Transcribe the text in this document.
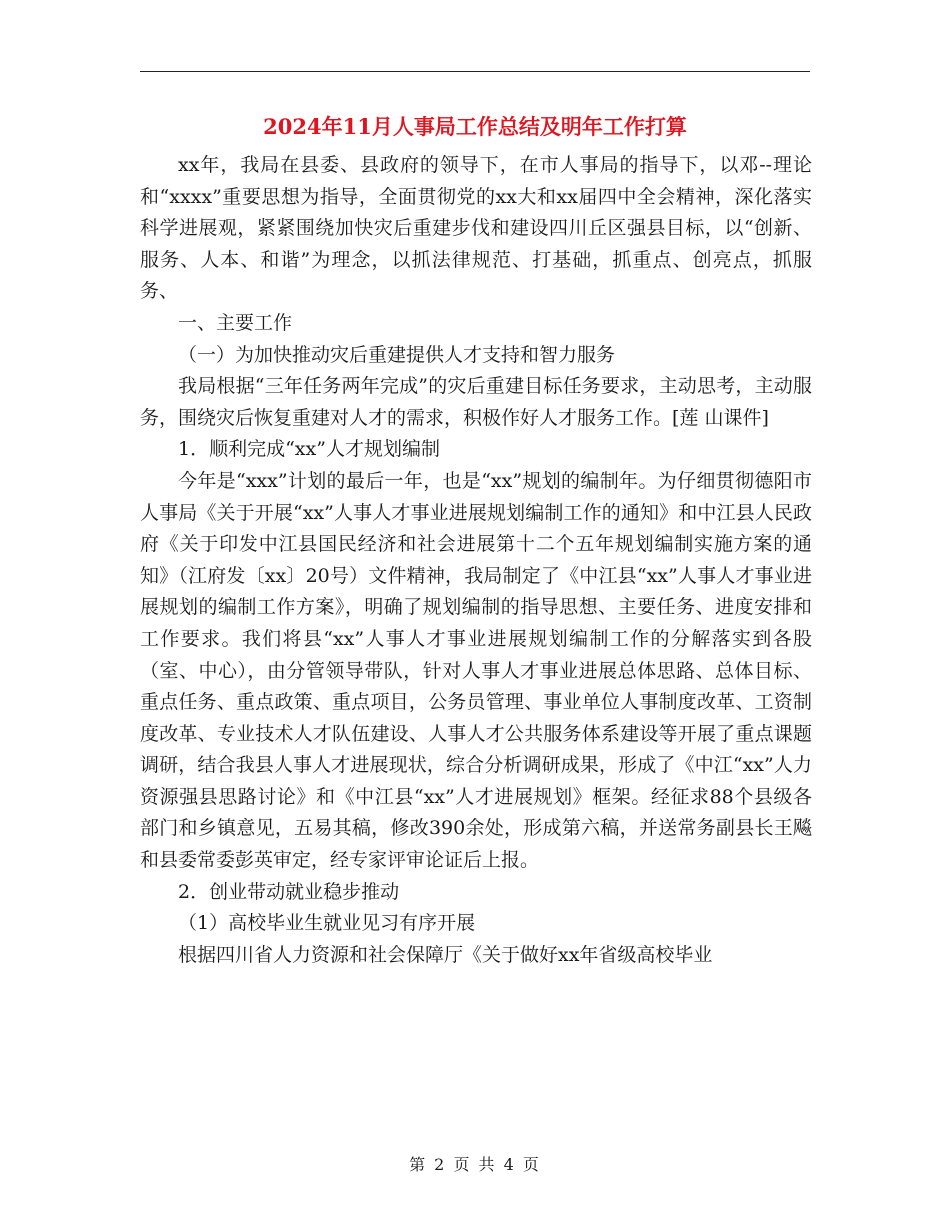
2024年11月人事局工作总结及明年工作打算

xx年，我局在县委、县政府的领导下，在市人事局的指导下，以邓--理论和“xxxx”重要思想为指导，全面贯彻党的xx大和xx届四中全会精神，深化落实科学进展观，紧紧围绕加快灾后重建步伐和建设四川丘区强县目标，以“创新、服务、人本、和谐”为理念，以抓法律规范、打基础，抓重点、创亮点，抓服务、

一、主要工作

（一）为加快推动灾后重建提供人才支持和智力服务

我局根据“三年任务两年完成”的灾后重建目标任务要求，主动思考，主动服务，围绕灾后恢复重建对人才的需求，积极作好人才服务工作。[莲 山课件]

1．顺利完成“xx”人才规划编制

今年是“xxx”计划的最后一年，也是“xx”规划的编制年。为仔细贯彻德阳市人事局《关于开展“xx”人事人才事业进展规划编制工作的通知》和中江县人民政府《关于印发中江县国民经济和社会进展第十二个五年规划编制实施方案的通知》（江府发〔xx〕20号）文件精神，我局制定了《中江县“xx”人事人才事业进展规划的编制工作方案》，明确了规划编制的指导思想、主要任务、进度安排和工作要求。我们将县“xx”人事人才事业进展规划编制工作的分解落实到各股（室、中心），由分管领导带队，针对人事人才事业进展总体思路、总体目标、重点任务、重点政策、重点项目，公务员管理、事业单位人事制度改革、工资制度改革、专业技术人才队伍建设、人事人才公共服务体系建设等开展了重点课题调研，结合我县人事人才进展现状，综合分析调研成果，形成了《中江“xx”人力资源强县思路讨论》和《中江县“xx”人才进展规划》框架。经征求88个县级各部门和乡镇意见，五易其稿，修改390余处，形成第六稿，并送常务副县长王飚和县委常委彭英审定，经专家评审论证后上报。

2．创业带动就业稳步推动

（1）高校毕业生就业见习有序开展

根据四川省人力资源和社会保障厅《关于做好xx年省级高校毕业

第 2 页 共 4 页
